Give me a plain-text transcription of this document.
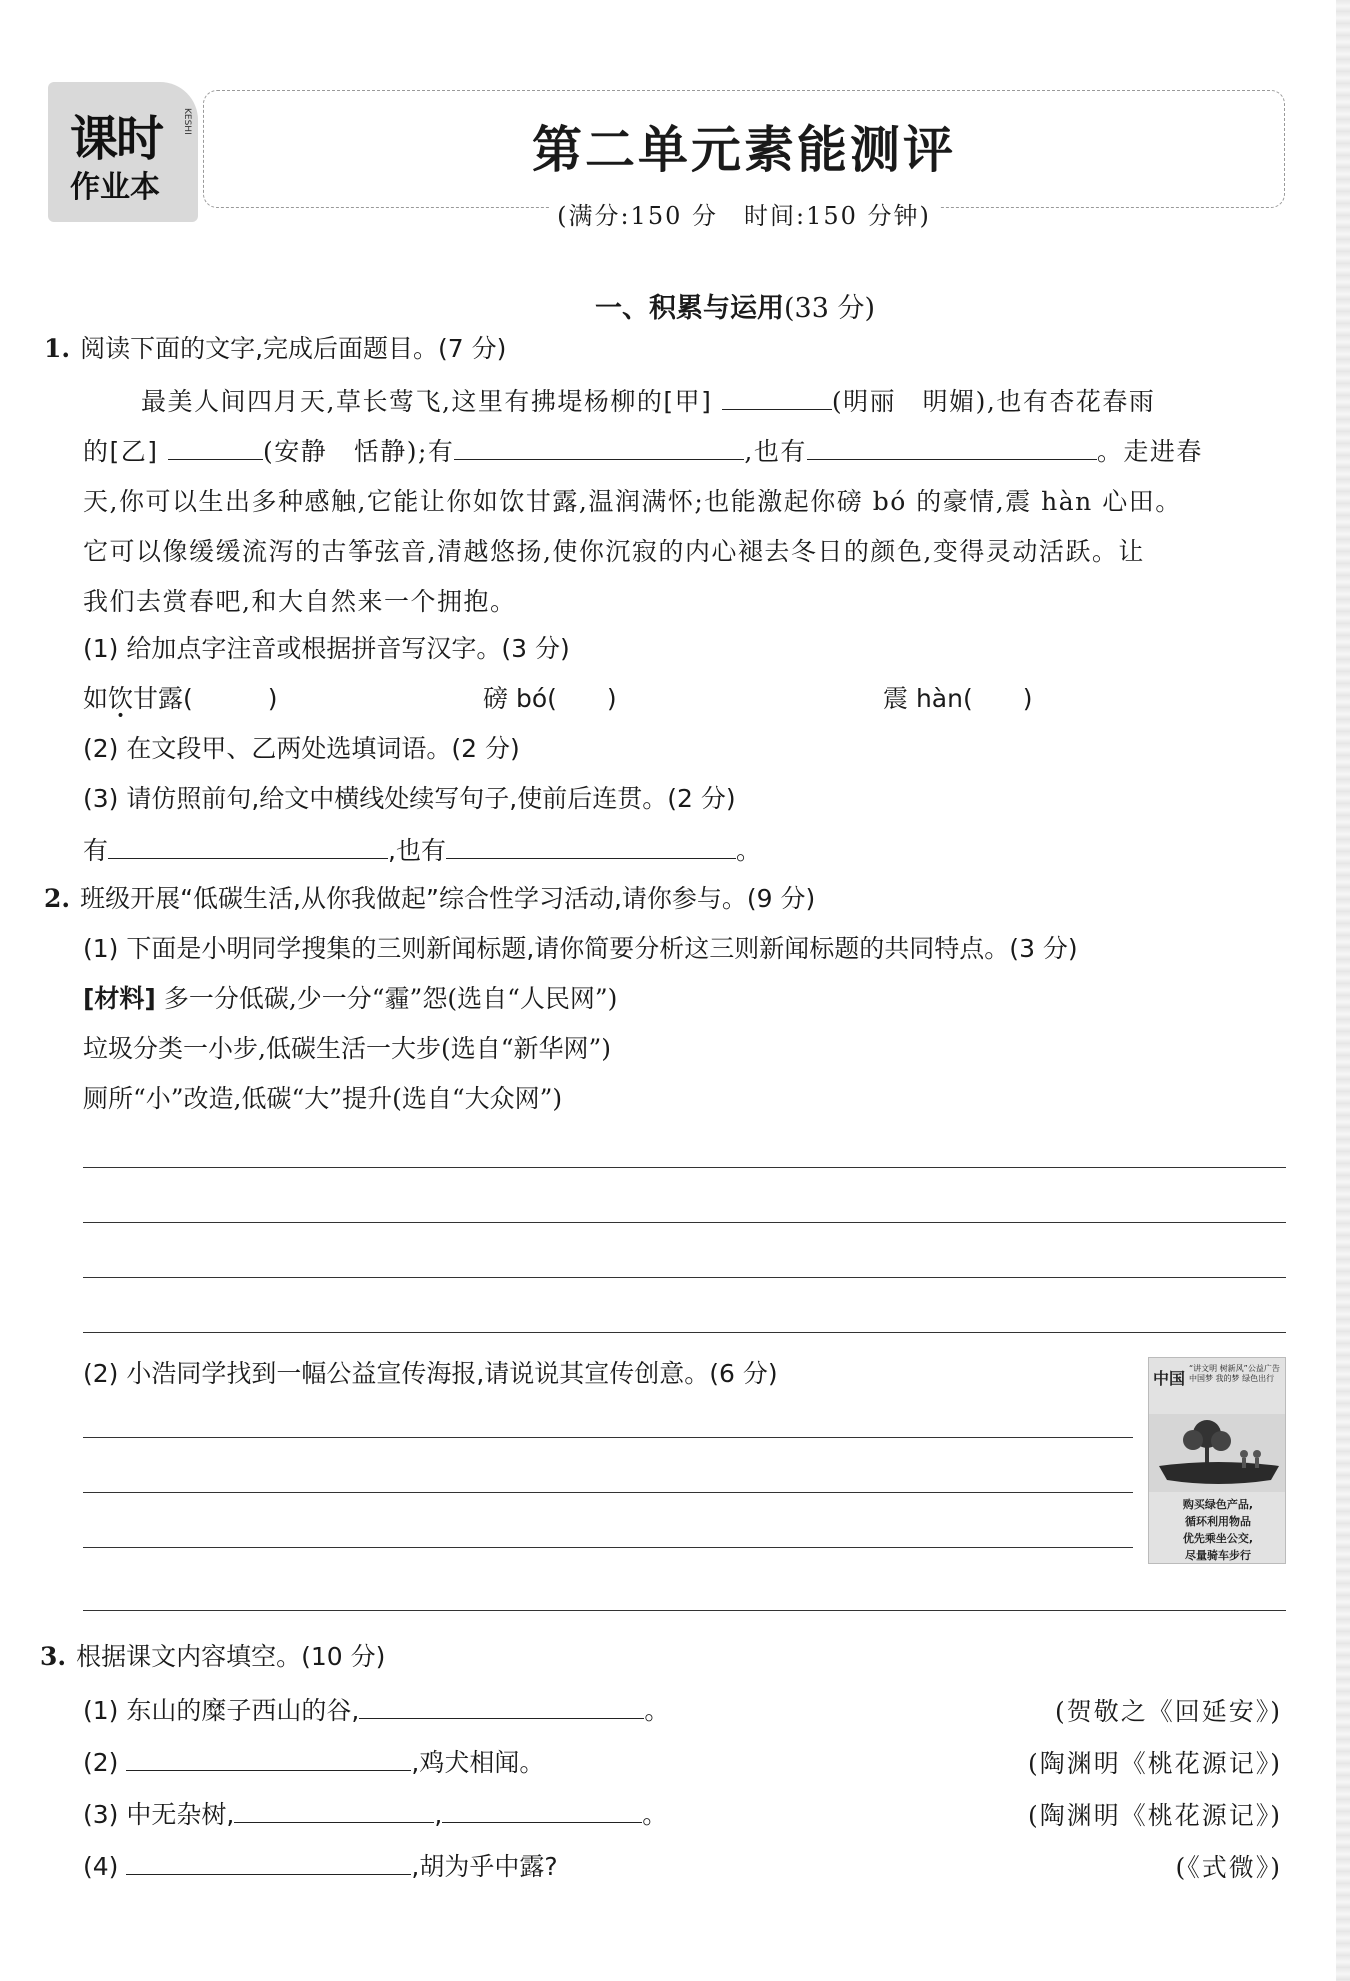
课时 KESHI
作业本
第二单元素能测评
(满分:150 分　时间:150 分钟)
一、积累与运用(33 分)
1. 阅读下面的文字,完成后面题目。(7 分)
最美人间四月天,草长莺飞,这里有拂堤杨柳的[甲]	(明丽　明媚),也有杏花春雨
的[乙]	(安静　恬静);有	,也有	。走进春
天,你可以生出多种感触,它能让你如饮甘露,温润满怀;也能激起你磅 bó 的豪情,震 hàn 心田。
它可以像缓缓流泻的古筝弦音,清越悠扬,使你沉寂的内心褪去冬日的颜色,变得灵动活跃。让
我们去赏春吧,和大自然来一个拥抱。
(1) 给加点字注音或根据拼音写汉字。(3 分)
如饮甘露(　　　)	磅 bó(　　)	震 hàn(　　)
(2) 在文段甲、乙两处选填词语。(2 分)
(3) 请仿照前句,给文中横线处续写句子,使前后连贯。(2 分)
有	,也有	。
2. 班级开展“低碳生活,从你我做起”综合性学习活动,请你参与。(9 分)
(1) 下面是小明同学搜集的三则新闻标题,请你简要分析这三则新闻标题的共同特点。(3 分)
[材料] 多一分低碳,少一分“霾”怨(选自“人民网”)
垃圾分类一小步,低碳生活一大步(选自“新华网”)
厕所“小”改造,低碳“大”提升(选自“大众网”)
(2) 小浩同学找到一幅公益宣传海报,请说说其宣传创意。(6 分)	中国
“讲文明 树新风”公益广告 中国梦 我的梦 绿色出行
购买绿色产品,
循环利用物品
优先乘坐公交,
尽量骑车步行
3. 根据课文内容填空。(10 分)
(1) 东山的糜子西山的谷,	。	(贺敬之《回延安》)
(2)	,鸡犬相闻。	(陶渊明《桃花源记》)
(3) 中无杂树,	,	。	(陶渊明《桃花源记》)
(4)	,胡为乎中露?	(《式微》)
